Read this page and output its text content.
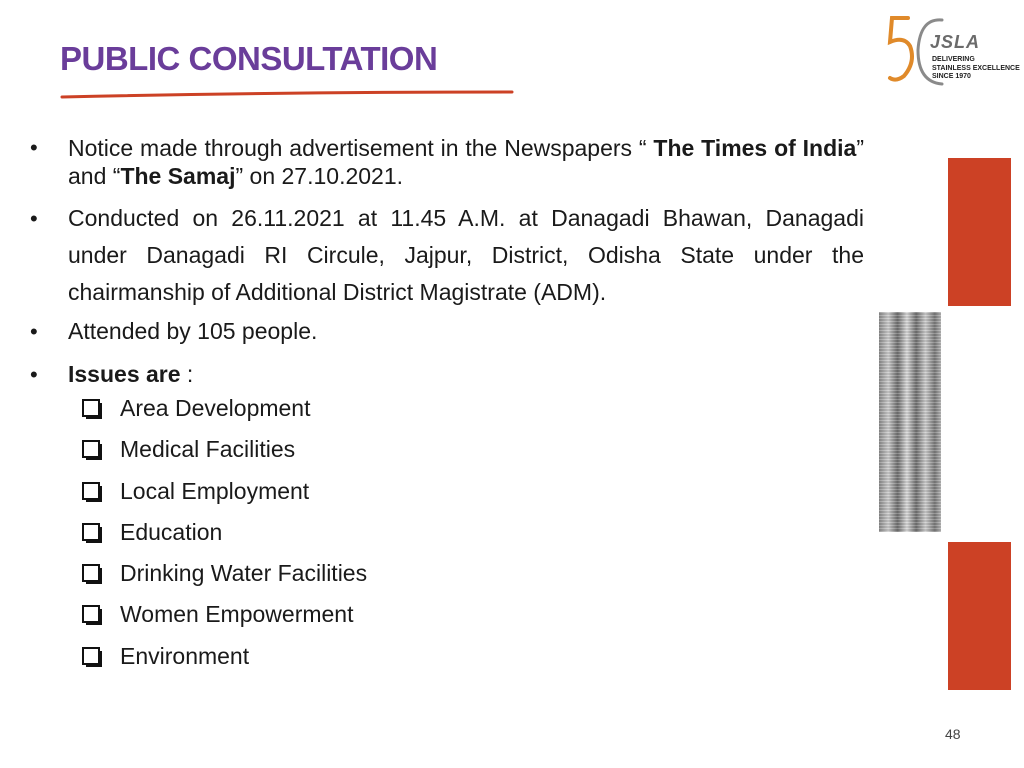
PUBLIC CONSULTATION	JSLA
DELIVERING
STAINLESS EXCELLENCE
SINCE 1970

• Notice made through advertisement in the Newspapers “ The Times of India” and “The Samaj” on 27.10.2021.

• Conducted on 26.11.2021 at 11.45 A.M. at Danagadi Bhawan, Danagadi under Danagadi RI Circule, Jajpur, District, Odisha State under the chairmanship of Additional District Magistrate (ADM).

• Attended by 105 people.

• Issues are :
Area Development
Medical Facilities
Local Employment
Education
Drinking Water Facilities
Women Empowerment
Environment
48
